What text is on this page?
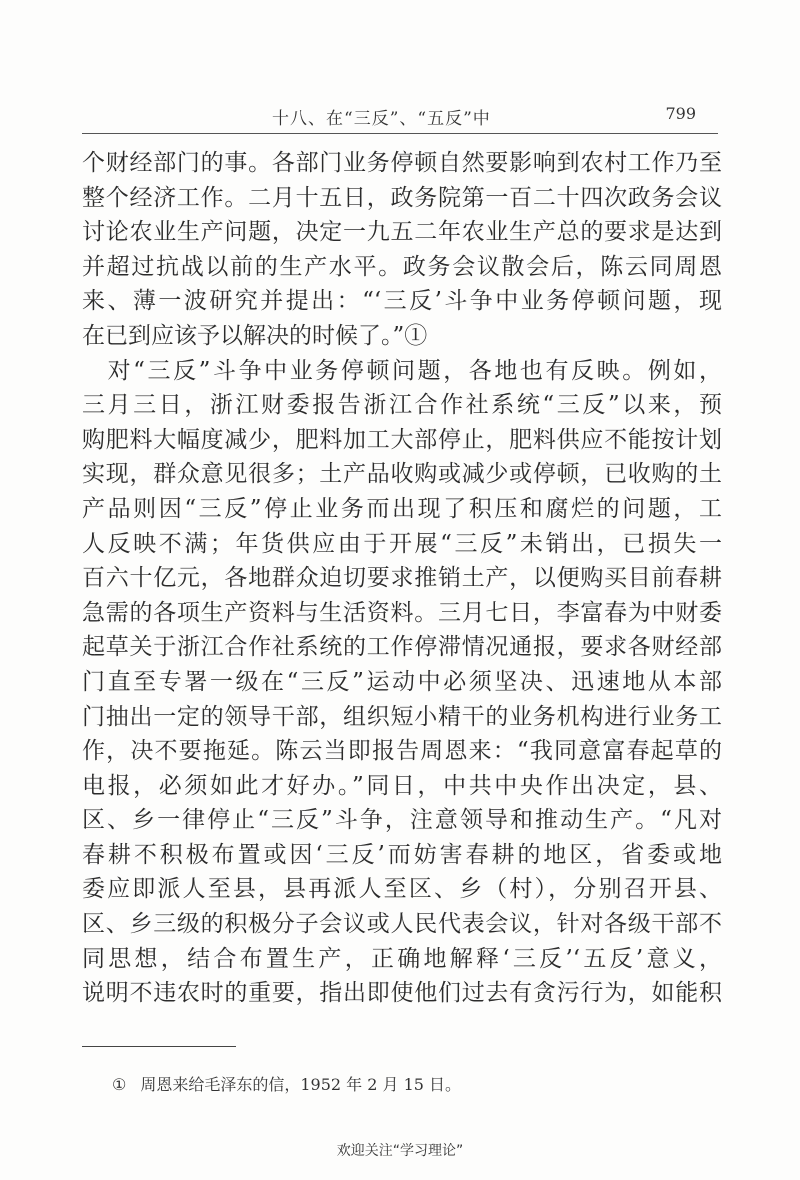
十八、在“三反”、“五反”中	799
个财经部门的事。各部门业务停顿自然要影响到农村工作乃至
整个经济工作。二月十五日，政务院第一百二十四次政务会议
讨论农业生产问题，决定一九五二年农业生产总的要求是达到
并超过抗战以前的生产水平。政务会议散会后，陈云同周恩
来、薄一波研究并提出：“‘三反’斗争中业务停顿问题，现
在已到应该予以解决的时候了。”①
　对“三反”斗争中业务停顿问题，各地也有反映。例如，
三月三日，浙江财委报告浙江合作社系统“三反”以来，预
购肥料大幅度减少，肥料加工大部停止，肥料供应不能按计划
实现，群众意见很多；土产品收购或减少或停顿，已收购的土
产品则因“三反”停止业务而出现了积压和腐烂的问题，工
人反映不满；年货供应由于开展“三反”未销出，已损失一
百六十亿元，各地群众迫切要求推销土产，以便购买目前春耕
急需的各项生产资料与生活资料。三月七日，李富春为中财委
起草关于浙江合作社系统的工作停滞情况通报，要求各财经部
门直至专署一级在“三反”运动中必须坚决、迅速地从本部
门抽出一定的领导干部，组织短小精干的业务机构进行业务工
作，决不要拖延。陈云当即报告周恩来：“我同意富春起草的
电报，必须如此才好办。”同日，中共中央作出决定，县、
区、乡一律停止“三反”斗争，注意领导和推动生产。“凡对
春耕不积极布置或因‘三反’而妨害春耕的地区，省委或地
委应即派人至县，县再派人至区、乡（村），分别召开县、
区、乡三级的积极分子会议或人民代表会议，针对各级干部不
同思想，结合布置生产，正确地解释‘三反’‘五反’意义，
说明不违农时的重要，指出即使他们过去有贪污行为，如能积
① 周恩来给毛泽东的信，1952 年 2 月 15 日。
欢迎关注“学习理论”
